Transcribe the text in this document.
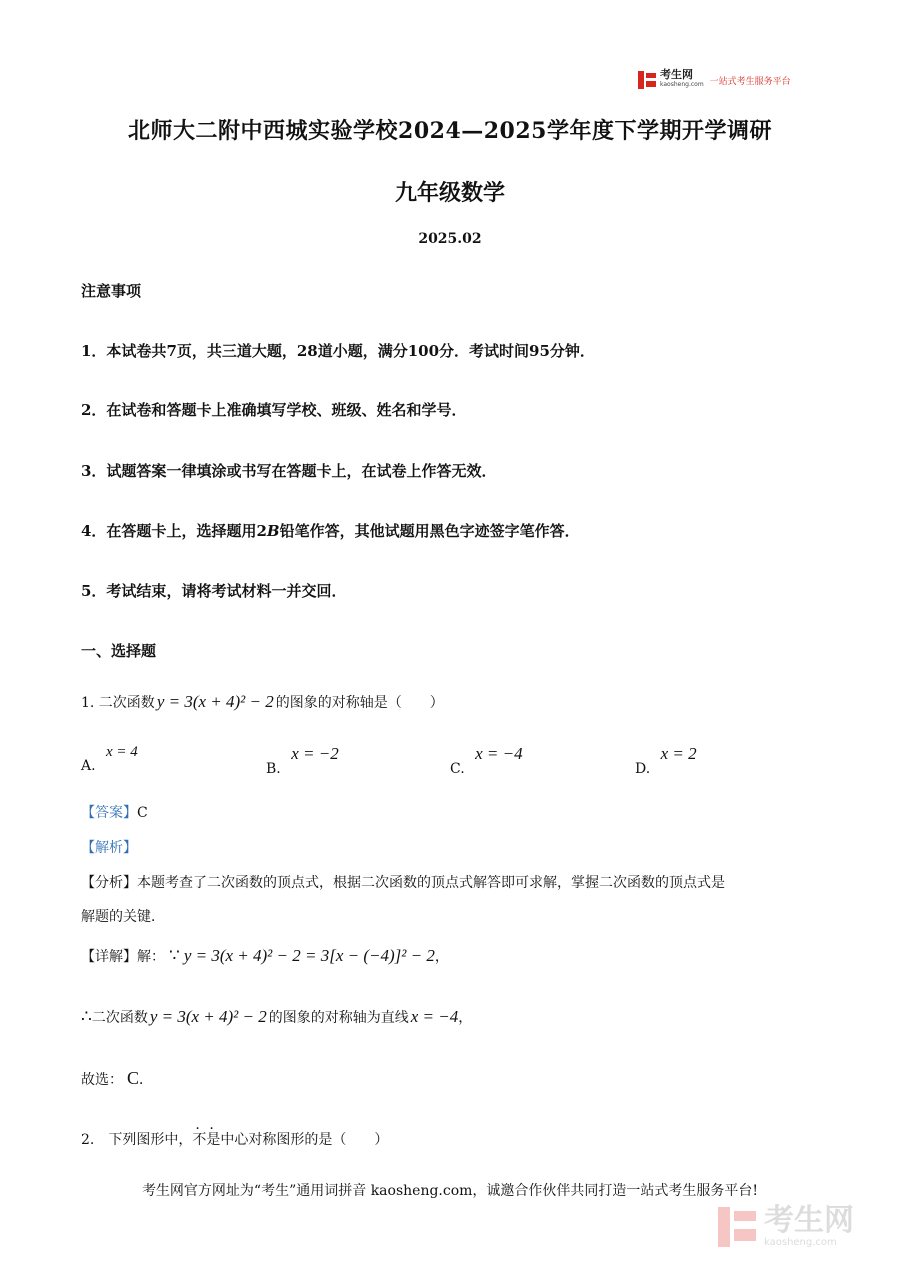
考生网
kaosheng.com 一站式考生服务平台
北师大二附中西城实验学校2024—2025学年度下学期开学调研
九年级数学
2025.02
注意事项
1．本试卷共7页，共三道大题，28道小题，满分100分．考试时间95分钟．
2．在试卷和答题卡上准确填写学校、班级、姓名和学号．
3．试题答案一律填涂或书写在答题卡上，在试卷上作答无效．
4．在答题卡上，选择题用2B铅笔作答，其他试题用黑色字迹签字笔作答．
5．考试结束，请将考试材料一并交回．
一、选择题
1. 二次函数 y = 3(x + 4)² − 2 的图象的对称轴是（　　）
A. x = 4
B. x = −2
C. x = −4
D. x = 2
【答案】C
【解析】
【分析】本题考查了二次函数的顶点式，根据二次函数的顶点式解答即可求解，掌握二次函数的顶点式是
解题的关键．
【详解】 解： ∵ y = 3(x + 4)² − 2 = 3[x − (−4)]² − 2 ，
∴ 二次函数 y = 3(x + 4)² − 2 的图象的对称轴为直线 x = −4 ，
故选： C ．
2.　下列图形中，不是中心对称图形的是（　　）
考生网官方网址为“考生”通用词拼音 kaosheng.com，诚邀合作伙伴共同打造一站式考生服务平台!
考生网
kaosheng.com
